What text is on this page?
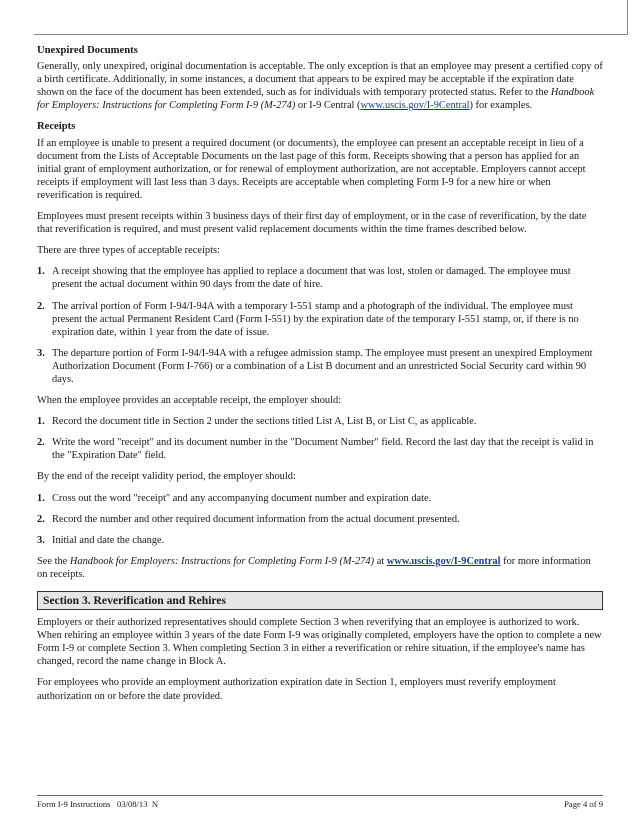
Unexpired Documents

Generally, only unexpired, original documentation is acceptable. The only exception is that an employee may present a certified copy of a birth certificate. Additionally, in some instances, a document that appears to be expired may be acceptable if the expiration date shown on the face of the document has been extended, such as for individuals with temporary protected status. Refer to the Handbook for Employers: Instructions for Completing Form I-9 (M-274) or I-9 Central (www.uscis.gov/I-9Central) for examples.

Receipts

If an employee is unable to present a required document (or documents), the employee can present an acceptable receipt in lieu of a document from the Lists of Acceptable Documents on the last page of this form. Receipts showing that a person has applied for an initial grant of employment authorization, or for renewal of employment authorization, are not acceptable. Employers cannot accept receipts if employment will last less than 3 days. Receipts are acceptable when completing Form I-9 for a new hire or when reverification is required.

Employees must present receipts within 3 business days of their first day of employment, or in the case of reverification, by the date that reverification is required, and must present valid replacement documents within the time frames described below.

There are three types of acceptable receipts:

1. A receipt showing that the employee has applied to replace a document that was lost, stolen or damaged. The employee must present the actual document within 90 days from the date of hire.
2. The arrival portion of Form I-94/I-94A with a temporary I-551 stamp and a photograph of the individual. The employee must present the actual Permanent Resident Card (Form I-551) by the expiration date of the temporary I-551 stamp, or, if there is no expiration date, within 1 year from the date of issue.
3. The departure portion of Form I-94/I-94A with a refugee admission stamp. The employee must present an unexpired Employment Authorization Document (Form I-766) or a combination of a List B document and an unrestricted Social Security card within 90 days.

When the employee provides an acceptable receipt, the employer should:

1. Record the document title in Section 2 under the sections titled List A, List B, or List C, as applicable.
2. Write the word "receipt" and its document number in the "Document Number" field. Record the last day that the receipt is valid in the "Expiration Date" field.

By the end of the receipt validity period, the employer should:

1. Cross out the word "receipt" and any accompanying document number and expiration date.
2. Record the number and other required document information from the actual document presented.
3. Initial and date the change.

See the Handbook for Employers: Instructions for Completing Form I-9 (M-274) at www.uscis.gov/I-9Central for more information on receipts.

Section 3. Reverification and Rehires

Employers or their authorized representatives should complete Section 3 when reverifying that an employee is authorized to work. When rehiring an employee within 3 years of the date Form I-9 was originally completed, employers have the option to complete a new Form I-9 or complete Section 3. When completing Section 3 in either a reverification or rehire situation, if the employee's name has changed, record the name change in Block A.

For employees who provide an employment authorization expiration date in Section 1, employers must reverify employment authorization on or before the date provided.

Form I-9 Instructions   03/08/13  N	Page 4 of 9
